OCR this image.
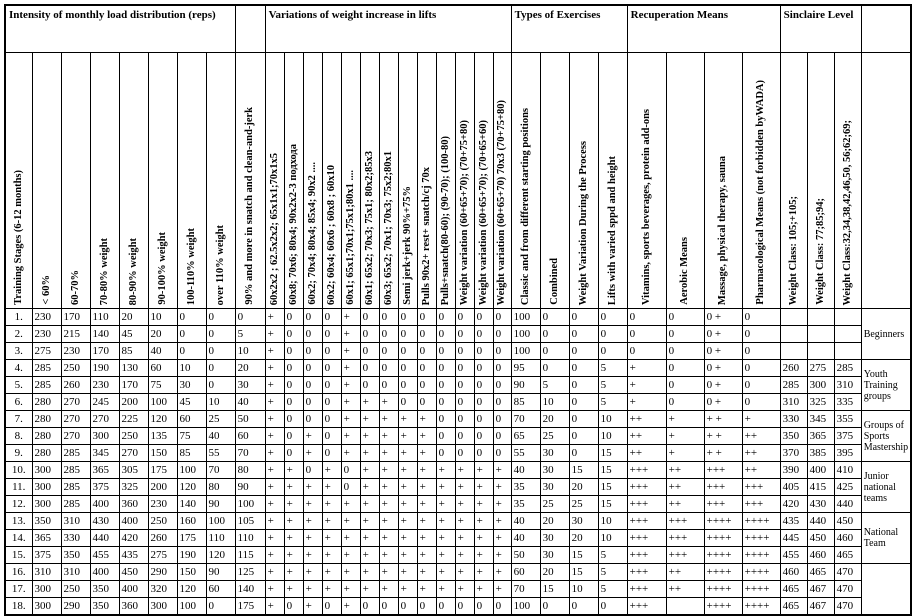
Intensity of monthly load distribution (reps)									Variations of weight increase in lifts													Types of Exercises				Recuperation Means				Sinclaire Level			

Training Stages (6-12 months)	< 60%	60-70%	70-80% weight	80-90% weight	90-100% weight	100-110% weight	over 110% weight	90% and more in snatch and clean-and-jerk	60x2x2 ; 62.5x2x2; 65x1x1;70x1x5	60x8; 70x6; 80x4; 90x2x2-3 подхода	60x2; 70x4; 80x4; 85x4; 90x2 ....	60x2; 60x4; 60x6 ; 60x8 ; 60x10	60x1; 65x1;70x1;75x1;80x1 ....	60x1; 65x2; 70x3; 75x1; 80x2;85x3	60x3; 65x2; 70x1; 70x3; 75x2;80x1	Semi jerk+jerk 90%+75%	Pulls 90x2+ rest+ snatch/cj 70x	Pulls+snatch(80-60); (90-70); (100-80)	Weight variation (60+65+70); (70+75+80)	Weight variation (60+65+70); (70+65+60)	Weight variation (60+65+70) 70x3 (70+75+80)	Classic and from different starting positions	Combined	Weight Variation During the Process	Lifts with varied sppd and height	Vitamins, sports beverages, protein add-ons	Aerobic Means	Massage, physical therapy, sauna	Pharmacological Means (not forbidden byWADA)	Weight Class: 105;+105;	Weight Class: 77;85;94;	Weight Class:32,34,38,42,46,50, 56;62;69;	

1.	230	170	110	20	10	0	0	0	+	0	0	0	+	0	0	0	0	0	0	0	0	100	0	0	0	0	0	0 +	0				Beginners
2.	230	215	140	45	20	0	0	5	+	0	0	0	+	0	0	0	0	0	0	0	0	100	0	0	0	0	0	0 +	0				
3.	275	230	170	85	40	0	0	10	+	0	0	0	+	0	0	0	0	0	0	0	0	100	0	0	0	0	0	0 +	0				
4.	285	250	190	130	60	10	0	20	+	0	0	0	+	0	0	0	0	0	0	0	0	95	0	0	5	+	0	0 +	0	260	275	285	Youth Training groups
5.	285	260	230	170	75	30	0	30	+	0	0	0	+	0	0	0	0	0	0	0	0	90	5	0	5	+	0	0 +	0	285	300	310	
6.	280	270	245	200	100	45	10	40	+	0	0	0	+	+	+	0	0	0	0	0	0	85	10	0	5	+	0	0 +	0	310	325	335	
7.	280	270	270	225	120	60	25	50	+	0	0	0	+	+	+	+	+	0	0	0	0	70	20	0	10	++	+	+ +	+	330	345	355	Groups of Sports Mastership
8.	280	270	300	250	135	75	40	60	+	0	+	0	+	+	+	+	+	0	0	0	0	65	25	0	10	++	+	+ +	++	350	365	375	
9.	280	285	345	270	150	85	55	70	+	0	+	0	+	+	+	+	+	0	0	0	0	55	30	0	15	++	+	+ +	++	370	385	395	
10.	300	285	365	305	175	100	70	80	+	+	0	+	0	+	+	+	+	+	+	+	+	40	30	15	15	+++	++	+++	++	390	400	410	Junior national teams
11.	300	285	375	325	200	120	80	90	+	+	+	+	0	+	+	+	+	+	+	+	+	35	30	20	15	+++	++	+++	+++	405	415	425	
12.	300	285	400	360	230	140	90	100	+	+	+	+	+	+	+	+	+	+	+	+	+	35	25	25	15	+++	++	+++	+++	420	430	440	
13.	350	310	430	400	250	160	100	105	+	+	+	+	+	+	+	+	+	+	+	+	+	40	20	30	10	+++	+++	++++	++++	435	440	450	National Team
14.	365	330	440	420	260	175	110	110	+	+	+	+	+	+	+	+	+	+	+	+	+	40	30	20	10	+++	+++	++++	++++	445	450	460	
15.	375	350	455	435	275	190	120	115	+	+	+	+	+	+	+	+	+	+	+	+	+	50	30	15	5	+++	+++	++++	++++	455	460	465	
16.	310	310	400	450	290	150	90	125	+	+	+	+	+	+	+	+	+	+	+	+	+	60	20	15	5	+++	++	++++	++++	460	465	470	
17.	300	250	350	400	320	120	60	140	+	+	+	+	+	+	+	+	+	+	+	+	+	70	15	10	5	+++	++	++++	++++	465	467	470	
18.	300	290	350	360	300	100	0	175	+	0	+	0	+	0	0	0	0	0	0	0	0	100	0	0	0	+++		++++	++++	465	467	470	
